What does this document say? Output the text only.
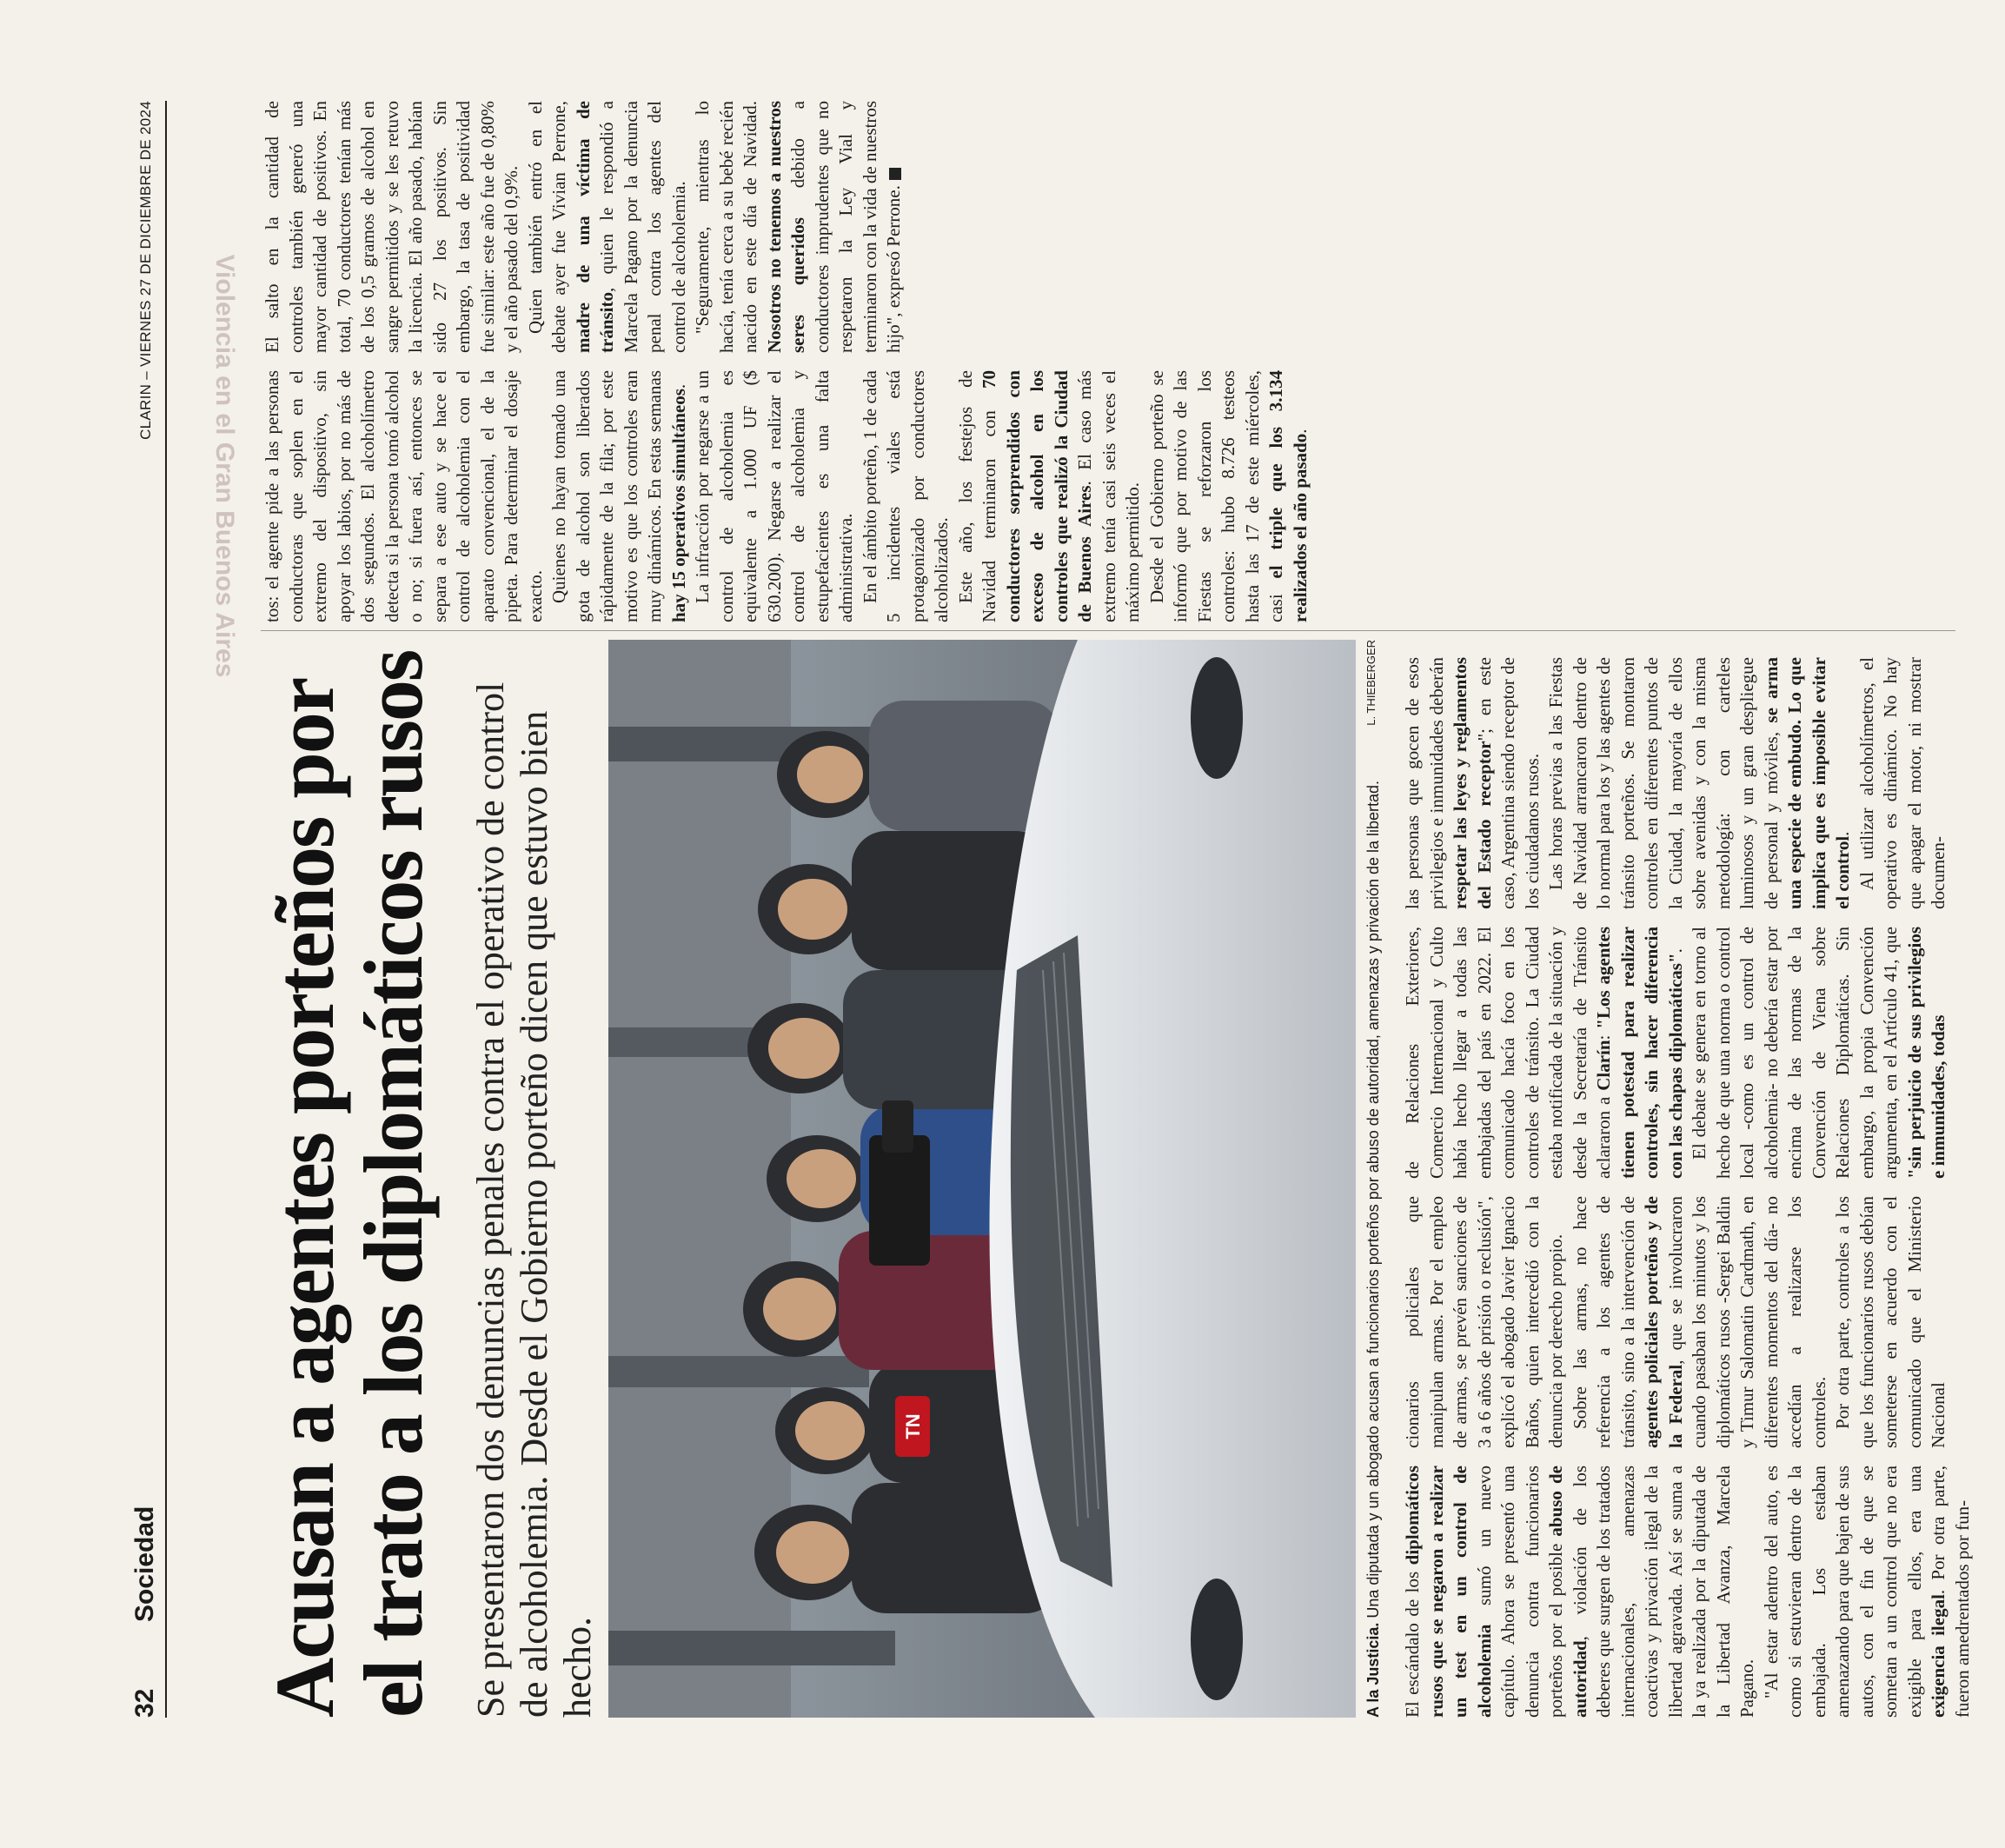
32
Sociedad
CLARIN – VIERNES 27 DE DICIEMBRE DE 2024 Violencia en el Gran Buenos Aires
Acusan a agentes porteños por el trato a los diplomáticos rusos Se presentaron dos denuncias penales contra el operativo de control de alcoholemia. Desde el Gobierno porteño dicen que estuvo bien hecho.

TN
A la Justicia. Una diputada y un abogado acusan a funcionarios porteños por abuso de autoridad, amenazas y privación de la libertad.
L. THIEBERGER

El escándalo de los diplomáticos rusos que se negaron a realizar un test en un control de alcoholemia sumó un nuevo capítulo. Ahora se presentó una denuncia contra funcionarios porteños por el posible abuso de autoridad, violación de los deberes que surgen de los tratados internacionales, amenazas coactivas y privación ilegal de la libertad agravada. Así se suma a la ya realizada por la diputada de la Libertad Avanza, Marcela Pagano. "Al estar adentro del auto, es como si estuvieran dentro de la embajada. Los estaban amenazando para que bajen de sus autos, con el fin de que se sometan a un control que no era exigible para ellos, era una exigencia ilegal. Por otra parte, fueron amedrentados por fun-

cionarios policiales que manipulan armas. Por el empleo de armas, se prevén sanciones de 3 a 6 años de prisión o reclusión", explicó el abogado Javier Ignacio Baños, quien intercedió con la denuncia por derecho propio. Sobre las armas, no hace referencia a los agentes de tránsito, sino a la intervención de agentes policiales porteños y de la Federal, que se involucraron cuando pasaban los minutos y los diplomáticos rusos -Sergei Baldin y Timur Salomatin Cardmath, en diferentes momentos del día- no accedían a realizarse los controles. Por otra parte, controles a los que los funcionarios rusos debían someterse en acuerdo con el comunicado que el Ministerio Nacional

de Relaciones Exteriores, Comercio Internacional y Culto había hecho llegar a todas las embajadas del país en 2022. El comunicado hacía foco en los controles de tránsito. La Ciudad estaba notificada de la situación y desde la Secretaría de Tránsito aclararon a Clarín: "Los agentes tienen potestad para realizar controles, sin hacer diferencia con las chapas diplomáticas". El debate se genera en torno al hecho de que una norma o control local -como es un control de alcoholemia- no debería estar por encima de las normas de la Convención de Viena sobre Relaciones Diplomáticas. Sin embargo, la propia Convención argumenta, en el Artículo 41, que "sin perjuicio de sus privilegios e inmunidades, todas

las personas que gocen de esos privilegios e inmunidades deberán respetar las leyes y reglamentos del Estado receptor"; en este caso, Argentina siendo receptor de los ciudadanos rusos. Las horas previas a las Fiestas de Navidad arrancaron dentro de lo normal para los y las agentes de tránsito porteños. Se montaron controles en diferentes puntos de la Ciudad, la mayoría de ellos sobre avenidas y con la misma metodología: con carteles luminosos y un gran despliegue de personal y móviles, se arma una especie de embudo. Lo que implica que es imposible evitar el control. Al utilizar alcoholímetros, el operativo es dinámico. No hay que apagar el motor, ni mostrar documen-

tos: el agente pide a las personas conductoras que soplen en el extremo del dispositivo, sin apoyar los labios, por no más de dos segundos. El alcoholímetro detecta si la persona tomó alcohol o no; si fuera así, entonces se separa a ese auto y se hace el control de alcoholemia con el aparato convencional, el de la pipeta. Para determinar el dosaje exacto. Quienes no hayan tomado una gota de alcohol son liberados rápidamente de la fila; por este motivo es que los controles eran muy dinámicos. En estas semanas hay 15 operativos simultáneos. La infracción por negarse a un control de alcoholemia es equivalente a 1.000 UF ($ 630.200). Negarse a realizar el control de alcoholemia y estupefacientes es una falta administrativa. En el ámbito porteño, 1 de cada 5 incidentes viales está protagonizado por conductores alcoholizados. Este año, los festejos de Navidad terminaron con 70 conductores sorprendidos con exceso de alcohol en los controles que realizó la Ciudad de Buenos Aires. El caso más extremo tenía casi seis veces el máximo permitido. Desde el Gobierno porteño se informó que por motivo de las Fiestas se reforzaron los controles: hubo 8.726 testeos hasta las 17 de este miércoles, casi el triple que los 3.134 realizados el año pasado.

El salto en la cantidad de controles también generó una mayor cantidad de positivos. En total, 70 conductores tenían más de los 0,5 gramos de alcohol en sangre permitidos y se les retuvo la licencia. El año pasado, habían sido 27 los positivos. Sin embargo, la tasa de positividad fue similar: este año fue de 0,80% y el año pasado del 0,9%. Quien también entró en el debate ayer fue Vivian Perrone, madre de una víctima de tránsito, quien le respondió a Marcela Pagano por la denuncia penal contra los agentes del control de alcoholemia. "Seguramente, mientras lo hacía, tenía cerca a su bebé recién nacido en este día de Navidad. Nosotros no tenemos a nuestros seres queridos debido a conductores imprudentes que no respetaron la Ley Vial y terminaron con la vida de nuestros hijo", expresó Perrone.
